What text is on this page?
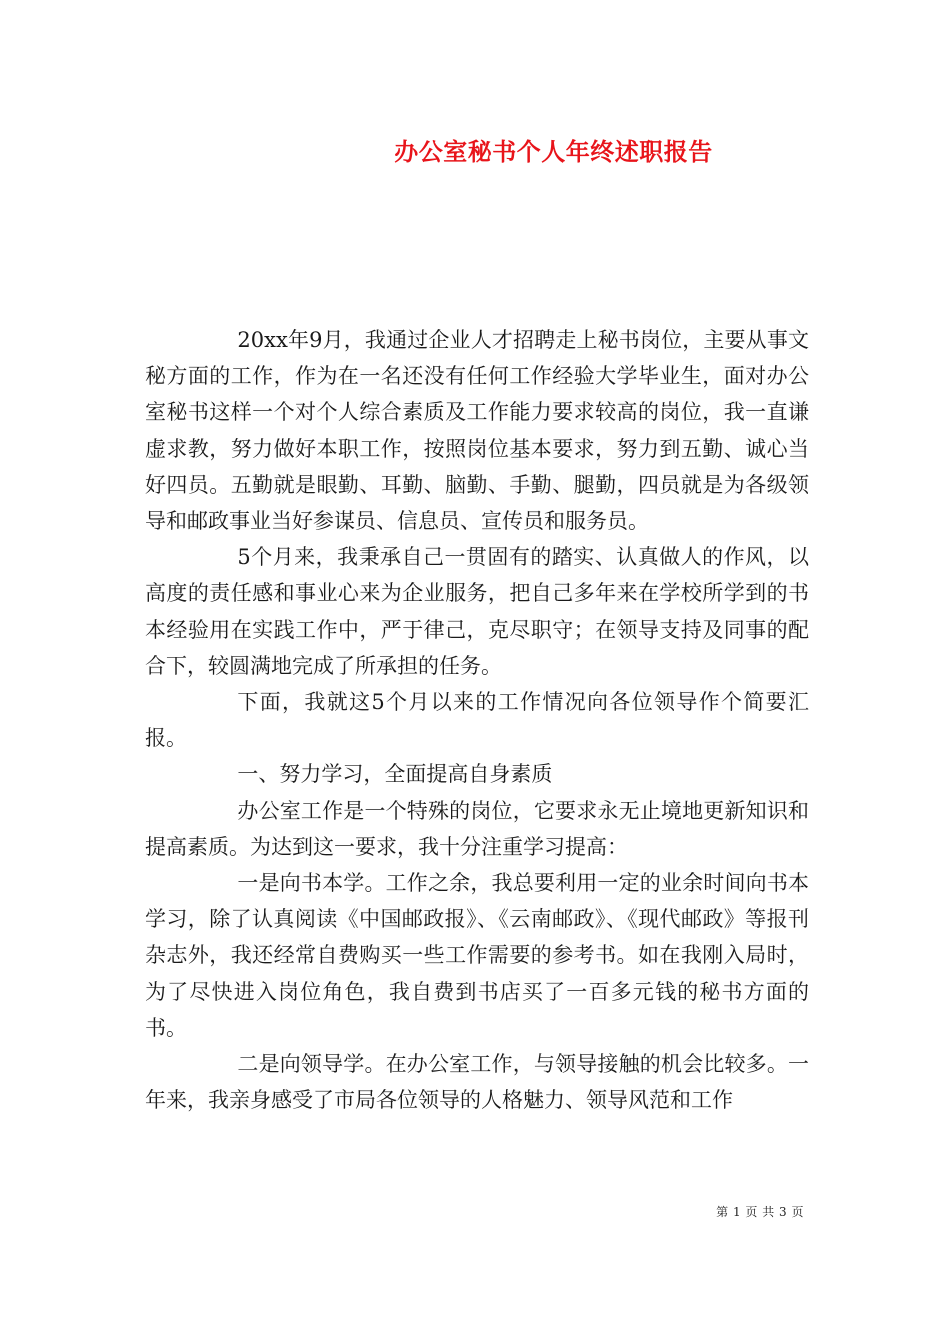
办公室秘书个人年终述职报告

20xx年9月，我通过企业人才招聘走上秘书岗位，主要从事文秘方面的工作，作为在一名还没有任何工作经验大学毕业生，面对办公室秘书这样一个对个人综合素质及工作能力要求较高的岗位，我一直谦虚求教，努力做好本职工作，按照岗位基本要求，努力到五勤、诚心当好四员。五勤就是眼勤、耳勤、脑勤、手勤、腿勤，四员就是为各级领导和邮政事业当好参谋员、信息员、宣传员和服务员。

5个月来，我秉承自己一贯固有的踏实、认真做人的作风，以高度的责任感和事业心来为企业服务，把自己多年来在学校所学到的书本经验用在实践工作中，严于律己，克尽职守；在领导支持及同事的配合下，较圆满地完成了所承担的任务。

下面，我就这5个月以来的工作情况向各位领导作个简要汇报。

一、努力学习，全面提高自身素质

办公室工作是一个特殊的岗位，它要求永无止境地更新知识和提高素质。为达到这一要求，我十分注重学习提高：

一是向书本学。工作之余，我总要利用一定的业余时间向书本学习，除了认真阅读《中国邮政报》、《云南邮政》、《现代邮政》等报刊杂志外，我还经常自费购买一些工作需要的参考书。如在我刚入局时，为了尽快进入岗位角色，我自费到书店买了一百多元钱的秘书方面的书。

二是向领导学。在办公室工作，与领导接触的机会比较多。一年来，我亲身感受了市局各位领导的人格魅力、领导风范和工作

第 1 页 共 3 页
